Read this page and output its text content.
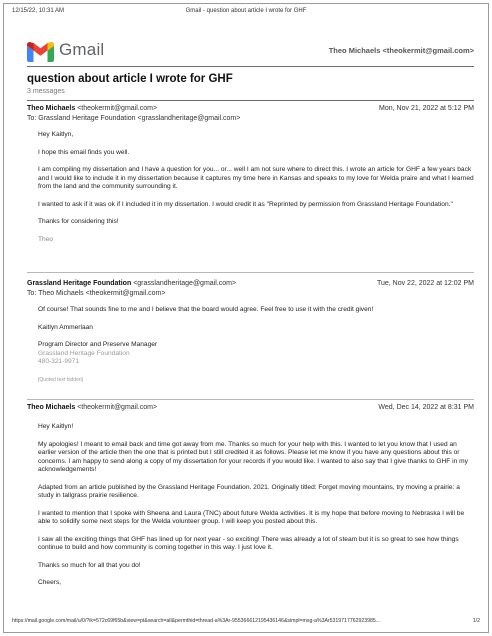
12/15/22, 10:31 AM	Gmail - question about article I wrote for GHF
Gmail	Theo Michaels <theokermit@gmail.com>
question about article I wrote for GHF
3 messages
Theo Michaels <theokermit@gmail.com>	Mon, Nov 21, 2022 at 5:12 PM
To: Grassland Heritage Foundation <grasslandheritage@gmail.com>

Hey Kaitlyn,

I hope this email finds you well.

I am compiling my dissertation and I have a question for you... or... well I am not sure where to direct this. I wrote an article for GHF a few years back and I would like to include it in my dissertation because it captures my time here in Kansas and speaks to my love for Welda praire and what I learned from the land and the community surrounding it.

I wanted to ask if it was ok if I included it in my dissertation. I would credit it as "Reprinted by permission from Grassland Heritage Foundation."

Thanks for considering this!

Theo

Grassland Heritage Foundation <grasslandheritage@gmail.com>	Tue, Nov 22, 2022 at 12:02 PM
To: Theo Michaels <theokermit@gmail.com>

Of course! That sounds fine to me and I believe that the board would agree. Feel free to use it with the credit given!

Kaitlyn Ammerlaan

Program Director and Preserve Manager
Grassland Heritage Foundation
480-321-9971

[Quoted text hidden]

Theo Michaels <theokermit@gmail.com>	Wed, Dec 14, 2022 at 8:31 PM

Hey Kaitlyn!

My apologies! I meant to email back and time got away from me. Thanks so much for your help with this. I wanted to let you know that I used an earlier version of the article then the one that is printed but I still credited it as follows. Please let me know if you have any questions about this or concerns. I am happy to send along a copy of my dissertation for your records if you would like. I wanted to also say that I give thanks to GHF in my acknowledgements!

Adapted from an article published by the Grassland Heritage Foundation. 2021. Originally titled: Forget moving mountains, try moving a prairie: a study in tallgrass prairie resilience.

I wanted to mention that I spoke with Sheena and Laura (TNC) about future Welda activities. It is my hope that before moving to Nebraska I will be able to solidify some next steps for the Welda volunteer group. I will keep you posted about this.

I saw all the exciting things that GHF has lined up for next year - so exciting! There was already a lot of steam but it is so great to see how things continue to build and how community is coming together in this way. I just love it.

Thanks so much for all that you do!

Cheers,

https://mail.google.com/mail/u/0/?ik=572c69f65b&view=pt&search=all&permthid=thread-a%3Ar-955366612195436146&simpl=msg-a%3Ar5319717762923985...	1/2
